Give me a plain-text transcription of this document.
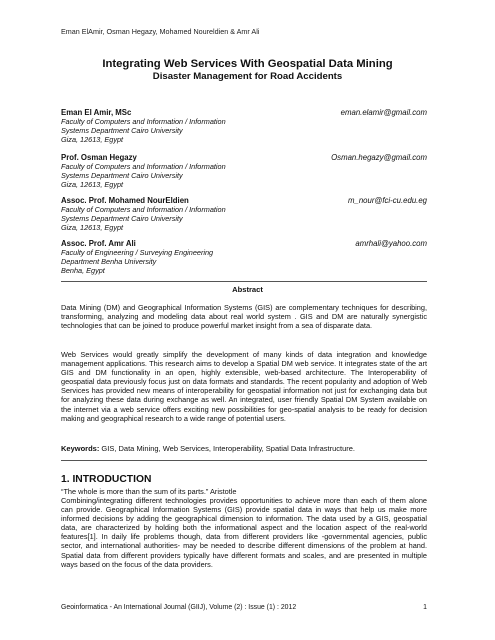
Eman ElAmir, Osman Hegazy, Mohamed Noureldien & Amr Ali
Integrating Web Services With Geospatial Data Mining
Disaster Management for Road Accidents
Eman El Amir, MSc	eman.elamir@gmail.com
Faculty of Computers and Information / Information
Systems Department Cairo University
Giza, 12613, Egypt
Prof. Osman Hegazy	Osman.hegazy@gmail.com
Faculty of Computers and Information / Information
Systems Department Cairo University
Giza, 12613, Egypt
Assoc. Prof. Mohamed NourEldien	m_nour@fci-cu.edu.eg
Faculty of Computers and Information / Information
Systems Department Cairo University
Giza, 12613, Egypt
Assoc. Prof. Amr Ali	amrhali@yahoo.com
Faculty of Engineering / Surveying Engineering
Department Benha University
Benha, Egypt
Abstract
Data Mining (DM) and Geographical Information Systems (GIS) are complementary techniques for describing, transforming, analyzing and modeling data about real world system . GIS and DM are naturally synergistic technologies that can be joined to produce powerful market insight from a sea of disparate data.
Web Services would greatly simplify the development of many kinds of data integration and knowledge management applications. This research aims to develop a Spatial DM web service. It integrates state of the art GIS and DM functionality in an open, highly extensible, web-based architecture. The Interoperability of geospatial data previously focus just on data formats and standards. The recent popularity and adoption of Web Services has provided new means of interoperability for geospatial information not just for exchanging data but for analyzing these data during exchange as well. An integrated, user friendly Spatial DM System available on the internet via a web service offers exciting new possibilities for geo-spatial analysis to be ready for decision making and geographical research to a wide range of potential users.
Keywords: GIS, Data Mining, Web Services, Interoperability, Spatial Data Infrastructure.
1. INTRODUCTION
“The whole is more than the sum of its parts.” Aristotle
Combining/integrating different technologies provides opportunities to achieve more than each of them alone can provide. Geographical Information Systems (GIS) provide spatial data in ways that help us make more informed decisions by adding the geographical dimension to information. The data used by a GIS, geospatial data, are characterized by holding both the informational aspect and the location aspect of the real-world features[1]. In daily life problems though, data from different providers like -governmental agencies, public sector, and international authorities- may be needed to describe different dimensions of the problem at hand. Spatial data from different providers typically have different formats and scales, and are presented in multiple ways based on the focus of the data providers.
Geoinformatica - An International Journal (GIIJ), Volume (2) : Issue (1) : 2012	1
